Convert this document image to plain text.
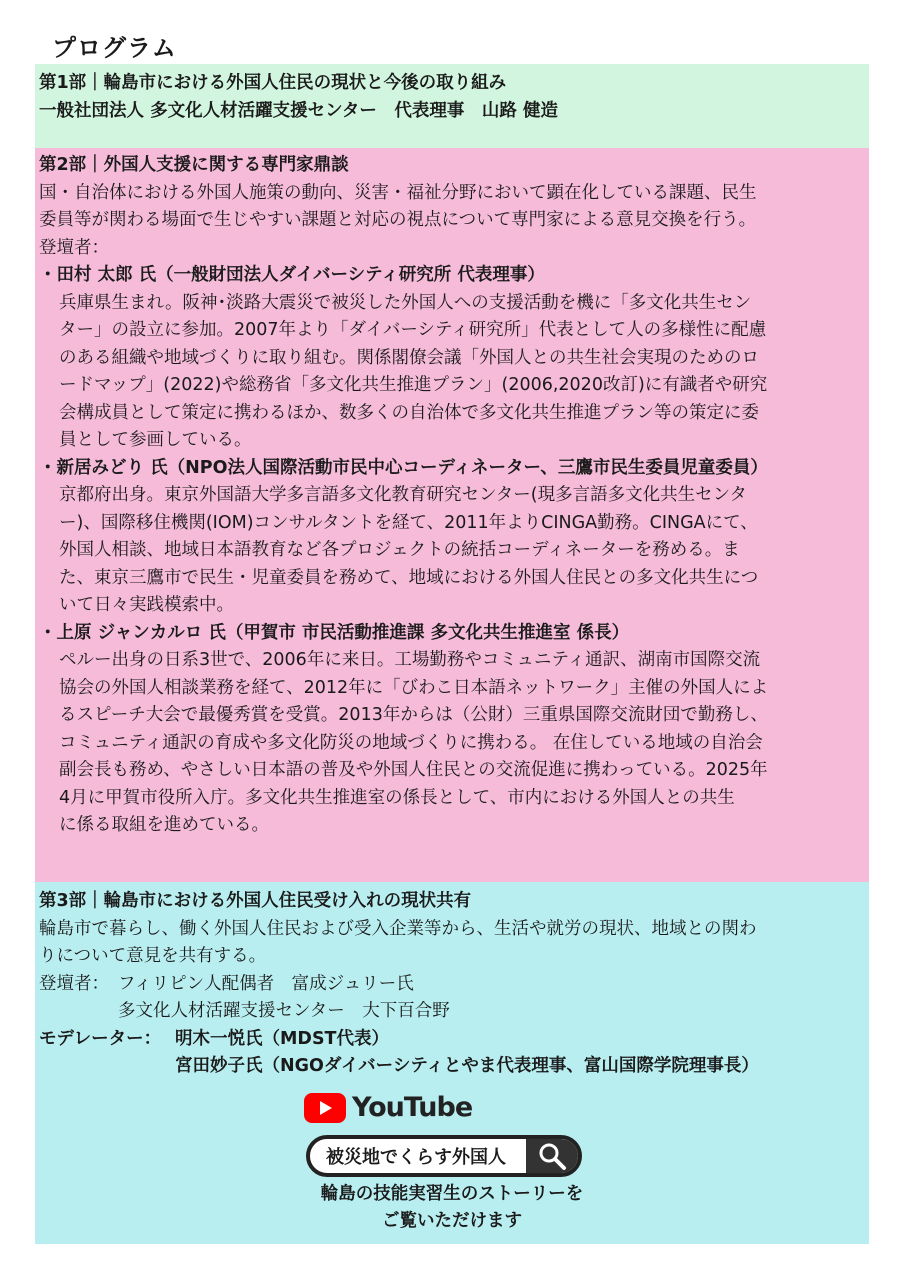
プログラム
第1部｜輪島市における外国人住民の現状と今後の取り組み
一般社団法人 多文化人材活躍支援センター　代表理事　山路 健造
第2部｜外国人支援に関する専門家鼎談
国・自治体における外国人施策の動向、災害・福祉分野において顕在化している課題、民生
委員等が関わる場面で生じやすい課題と対応の視点について専門家による意見交換を行う。
登壇者：
・田村 太郎 氏（一般財団法人ダイバーシティ研究所 代表理事）
兵庫県生まれ。阪神･淡路大震災で被災した外国人への支援活動を機に「多文化共生セン
ター」の設立に参加。2007年より「ダイバーシティ研究所」代表として人の多様性に配慮
のある組織や地域づくりに取り組む。関係閣僚会議「外国人との共生社会実現のためのロ
ードマップ」(2022)や総務省「多文化共生推進プラン」(2006,2020改訂)に有識者や研究
会構成員として策定に携わるほか、数多くの自治体で多文化共生推進プラン等の策定に委
員として参画している。
・新居みどり 氏（NPO法人国際活動市民中心コーディネーター、三鷹市民生委員児童委員）
京都府出身。東京外国語大学多言語多文化教育研究センター(現多言語多文化共生センタ
ー)、国際移住機関(IOM)コンサルタントを経て、2011年よりCINGA勤務。CINGAにて、
外国人相談、地域日本語教育など各プロジェクトの統括コーディネーターを務める。ま
た、東京三鷹市で民生・児童委員を務めて、地域における外国人住民との多文化共生につ
いて日々実践模索中。
・上原 ジャンカルロ 氏（甲賀市 市民活動推進課 多文化共生推進室 係長）
ペルー出身の日系3世で、2006年に来日。工場勤務やコミュニティ通訳、湖南市国際交流
協会の外国人相談業務を経て、2012年に「びわこ日本語ネットワーク」主催の外国人によ
るスピーチ大会で最優秀賞を受賞。2013年からは（公財）三重県国際交流財団で勤務し、
コミュニティ通訳の育成や多文化防災の地域づくりに携わる。 在住している地域の自治会
副会長も務め、やさしい日本語の普及や外国人住民との交流促進に携わっている。2025年
4月に甲賀市役所入庁。多文化共生推進室の係長として、市内における外国人との共生
に係る取組を進めている。
第3部｜輪島市における外国人住民受け入れの現状共有
輪島市で暮らし、働く外国人住民および受入企業等から、生活や就労の現状、地域との関わ
りについて意見を共有する。
登壇者： フィリピン人配偶者　富成ジュリー氏
多文化人材活躍支援センター　大下百合野
モデレーター： 明木一悦氏（MDST代表）
宮田妙子氏（NGOダイバーシティとやま代表理事、富山国際学院理事長）
YouTube
被災地でくらす外国人
輪島の技能実習生のストーリーを
ご覧いただけます
